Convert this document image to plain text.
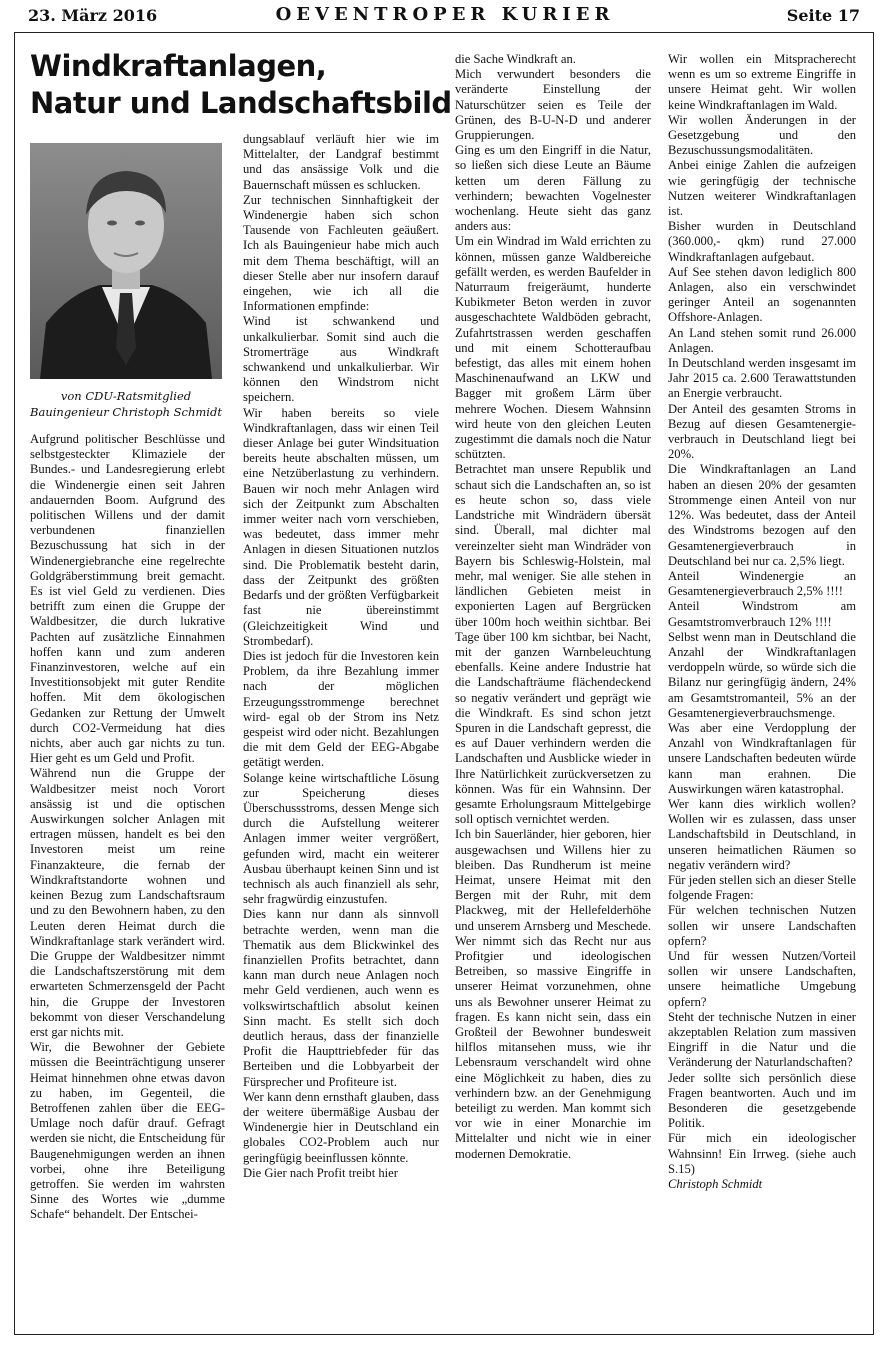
23. März 2016	OEVENTROPER KURIER	Seite 17
Windkraftanlagen,
Natur und Landschaftsbild
von CDU-Ratsmitglied
Bauingenieur Christoph Schmidt

Aufgrund politischer Beschlüsse und selbstgesteckter Klimaziele der Bundes.- und Landesregierung erlebt die Windenergie einen seit Jahren andauernden Boom. Aufgrund des politischen Willens und der damit verbundenen finanziellen Bezuschussung hat sich in der Windenergiebranche eine regelrechte Goldgräberstimmung breit gemacht. Es ist viel Geld zu verdienen. Dies betrifft zum einen die Gruppe der Waldbesitzer, die durch lukrative Pachten auf zusätzliche Einnahmen hoffen kann und zum anderen Finanzinvestoren, welche auf ein Investitionsobjekt mit guter Rendite hoffen. Mit dem ökologischen Gedanken zur Rettung der Umwelt durch CO2-Vermeidung hat dies nichts, aber auch gar nichts zu tun. Hier geht es um Geld und Profit.

Während nun die Gruppe der Waldbesitzer meist noch Vorort ansässig ist und die optischen Auswirkungen solcher Anlagen mit ertragen müssen, handelt es bei den Investoren meist um reine Finanzakteure, die fernab der Windkraftstandorte wohnen und keinen Bezug zum Landschaftsraum und zu den Bewohnern haben, zu den Leuten deren Heimat durch die Windkraftanlage stark verändert wird. Die Gruppe der Waldbesitzer nimmt die Landschaftszerstörung mit dem erwarteten Schmerzensgeld der Pacht hin, die Gruppe der Investoren bekommt von dieser Verschandelung erst gar nichts mit.

Wir, die Bewohner der Gebiete müssen die Beeinträchtigung unserer Heimat hinnehmen ohne etwas davon zu haben, im Gegenteil, die Betroffenen zahlen über die EEG-Umlage noch dafür drauf. Gefragt werden sie nicht, die Entscheidung für Baugenehmigungen werden an ihnen vorbei, ohne ihre Beteiligung getroffen. Sie werden im wahrsten Sinne des Wortes wie „dumme Schafe“ behandelt. Der Entschei-

dungsablauf verläuft hier wie im Mittelalter, der Landgraf bestimmt und das ansässige Volk und die Bauernschaft müssen es schlucken.

Zur technischen Sinnhaftigkeit der Windenergie haben sich schon Tausende von Fachleuten geäußert. Ich als Bauingenieur habe mich auch mit dem Thema beschäftigt, will an dieser Stelle aber nur insofern darauf eingehen, wie ich all die Informationen empfinde:

Wind ist schwankend und unkalkulierbar. Somit sind auch die Stromerträge aus Windkraft schwankend und unkalkulierbar. Wir können den Windstrom nicht speichern.

Wir haben bereits so viele Windkraftanlagen, dass wir einen Teil dieser Anlage bei guter Windsituation bereits heute abschalten müssen, um eine Netzüberlastung zu verhindern. Bauen wir noch mehr Anlagen wird sich der Zeitpunkt zum Abschalten immer weiter nach vorn verschieben, was bedeutet, dass immer mehr Anlagen in diesen Situationen nutzlos sind. Die Problematik besteht darin, dass der Zeitpunkt des größten Bedarfs und der größten Verfügbarkeit fast nie übereinstimmt (Gleichzeitigkeit Wind und Strombedarf).

Dies ist jedoch für die Investoren kein Problem, da ihre Bezahlung immer nach der möglichen Erzeugungsstrommenge berechnet wird- egal ob der Strom ins Netz gespeist wird oder nicht. Bezahlungen die mit dem Geld der EEG-Abgabe getätigt werden.

Solange keine wirtschaftliche Lösung zur Speicherung dieses Überschussstroms, dessen Menge sich durch die Aufstellung weiterer Anlagen immer weiter vergrößert, gefunden wird, macht ein weiterer Ausbau überhaupt keinen Sinn und ist technisch als auch finanziell als sehr, sehr fragwürdig einzustufen.

Dies kann nur dann als sinnvoll betrachte werden, wenn man die Thematik aus dem Blickwinkel des finanziellen Profits betrachtet, dann kann man durch neue Anlagen noch mehr Geld verdienen, auch wenn es volkswirtschaftlich absolut keinen Sinn macht. Es stellt sich doch deutlich heraus, dass der finanzielle Profit die Haupttriebfeder für das Berteiben und die Lobbyarbeit der Fürsprecher und Profiteure ist.

Wer kann denn ernsthaft glauben, dass der weitere übermäßige Ausbau der Windenergie hier in Deutschland ein globales CO2-Problem auch nur geringfügig beeinflussen könnte.

Die Gier nach Profit treibt hier

die Sache Windkraft an.

Mich verwundert besonders die veränderte Einstellung der Naturschützer seien es Teile der Grünen, des B-U-N-D und anderer Gruppierungen.

Ging es um den Eingriff in die Natur, so ließen sich diese Leute an Bäume ketten um deren Fällung zu verhindern; bewachten Vogelnester wochenlang. Heute sieht das ganz anders aus:

Um ein Windrad im Wald errichten zu können, müssen ganze Waldbereiche gefällt werden, es werden Baufelder in Naturraum freigeräumt, hunderte Kubikmeter Beton werden in zuvor ausgeschachtete Waldböden gebracht, Zufahrtstrassen werden geschaffen und mit einem Schotteraufbau befestigt, das alles mit einem hohen Maschinenaufwand an LKW und Bagger mit großem Lärm über mehrere Wochen. Diesem Wahnsinn wird heute von den gleichen Leuten zugestimmt die damals noch die Natur schützten.

Betrachtet man unsere Republik und schaut sich die Landschaften an, so ist es heute schon so, dass viele Landstriche mit Windrädern übersät sind. Überall, mal dichter mal vereinzelter sieht man Windräder von Bayern bis Schleswig-Holstein, mal mehr, mal weniger. Sie alle stehen in ländlichen Gebieten meist in exponierten Lagen auf Bergrücken über 100m hoch weithin sichtbar. Bei Tage über 100 km sichtbar, bei Nacht, mit der ganzen Warnbeleuchtung ebenfalls. Keine andere Industrie hat die Landschafträume flächendeckend so negativ verändert und geprägt wie die Windkraft. Es sind schon jetzt Spuren in die Landschaft gepresst, die es auf Dauer verhindern werden die Landschaften und Ausblicke wieder in Ihre Natürlichkeit zurückversetzen zu können. Was für ein Wahnsinn. Der gesamte Erholungsraum Mittelgebirge soll optisch vernichtet werden.

Ich bin Sauerländer, hier geboren, hier ausgewachsen und Willens hier zu bleiben. Das Rundherum ist meine Heimat, unsere Heimat mit den Bergen mit der Ruhr, mit dem Plackweg, mit der Hellefelderhöhe und unserem Arnsberg und Meschede. Wer nimmt sich das Recht nur aus Profitgier und ideologischen Betreiben, so massive Eingriffe in unserer Heimat vorzunehmen, ohne uns als Bewohner unserer Heimat zu fragen. Es kann nicht sein, dass ein Großteil der Bewohner bundesweit hilflos mitansehen muss, wie ihr Lebensraum verschandelt wird ohne eine Möglichkeit zu haben, dies zu verhindern bzw. an der Genehmigung beteiligt zu werden. Man kommt sich vor wie in einer Monarchie im Mittelalter und nicht wie in einer modernen Demokratie.

Wir wollen ein Mitspracherecht wenn es um so extreme Eingriffe in unsere Heimat geht. Wir wollen keine Windkraftanlagen im Wald.

Wir wollen Änderungen in der Gesetzgebung und den Bezuschussungsmodalitäten.

Anbei einige Zahlen die aufzeigen wie geringfügig der technische Nutzen weiterer Windkraftanlagen ist.

Bisher wurden in Deutschland (360.000,- qkm) rund 27.000 Windkraftanlagen aufgebaut.

Auf See stehen davon lediglich 800 Anlagen, also ein verschwindet geringer Anteil an sogenannten Offshore-Anlagen.

An Land stehen somit rund 26.000 Anlagen.

In Deutschland werden insgesamt im Jahr 2015 ca. 2.600 Terawattstunden an Energie verbraucht.

Der Anteil des gesamten Stroms in Bezug auf diesen Gesamtenergie-verbrauch in Deutschland liegt bei 20%.

Die Windkraftanlagen an Land haben an diesen 20% der gesamten Strommenge einen Anteil von nur 12%. Was bedeutet, dass der Anteil des Windstroms bezogen auf den Gesamtenergieverbrauch in Deutschland bei nur ca. 2,5% liegt.

Anteil Windenergie an Gesamtenergieverbrauch 2,5% !!!!

Anteil Windstrom am Gesamtstromverbrauch 12% !!!!

Selbst wenn man in Deutschland die Anzahl der Windkraftanlagen verdoppeln würde, so würde sich die Bilanz nur geringfügig ändern, 24% am Gesamtstromanteil, 5% an der Gesamtenergieverbrauchsmenge.

Was aber eine Verdopplung der Anzahl von Windkraftanlagen für unsere Landschaften bedeuten würde kann man erahnen. Die Auswirkungen wären katastrophal.

Wer kann dies wirklich wollen? Wollen wir es zulassen, dass unser Landschaftsbild in Deutschland, in unseren heimatlichen Räumen so negativ verändern wird?

Für jeden stellen sich an dieser Stelle folgende Fragen:

Für welchen technischen Nutzen sollen wir unsere Landschaften opfern?

Und für wessen Nutzen/Vorteil sollen wir unsere Landschaften, unsere heimatliche Umgebung opfern?

Steht der technische Nutzen in einer akzeptablen Relation zum massiven Eingriff in die Natur und die Veränderung der Naturlandschaften?

Jeder sollte sich persönlich diese Fragen beantworten. Auch und im Besonderen die gesetzgebende Politik.

Für mich ein ideologischer Wahnsinn! Ein Irrweg. (siehe auch S.15)

Christoph Schmidt
